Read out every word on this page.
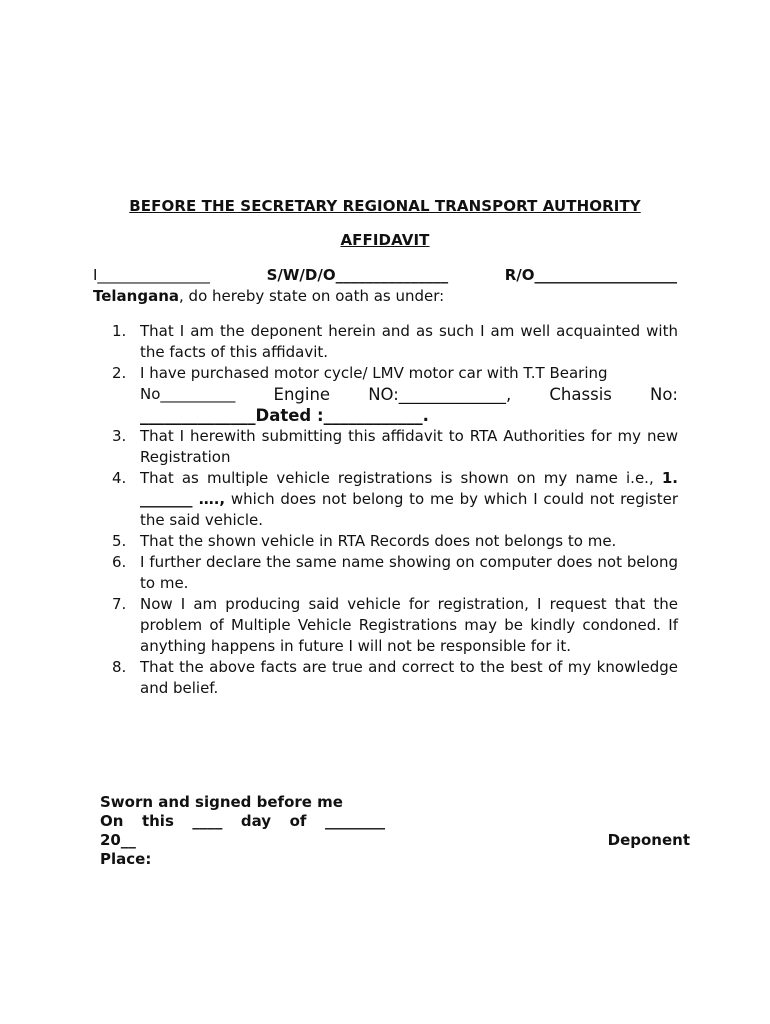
BEFORE THE SECRETARY REGIONAL TRANSPORT AUTHORITY
AFFIDAVIT
I_______________	S/W/D/O_______________	R/O___________________
Telangana, do hereby state on oath as under:
1. That I am the deponent herein and as such I am well acquainted with the facts of this affidavit.
2. I have purchased motor cycle/ LMV motor car with T.T Bearing
No__________ Engine NO:_____________, Chassis No:
______________Dated :____________.
3. That I herewith submitting this affidavit to RTA Authorities for my new Registration
4. That as multiple vehicle registrations is shown on my name i.e., 1. _______ …., which does not belong to me by which I could not register the said vehicle.
5. That the shown vehicle in RTA Records does not belongs to me.
6. I further declare the same name showing on computer does not belong to me.
7. Now I am producing said vehicle for registration, I request that the problem of Multiple Vehicle Registrations may be kindly condoned. If anything happens in future I will not be responsible for it.
8. That the above facts are true and correct to the best of my knowledge and belief.
Sworn and signed before me
On this ____ day of ________
20__	Deponent
Place:
